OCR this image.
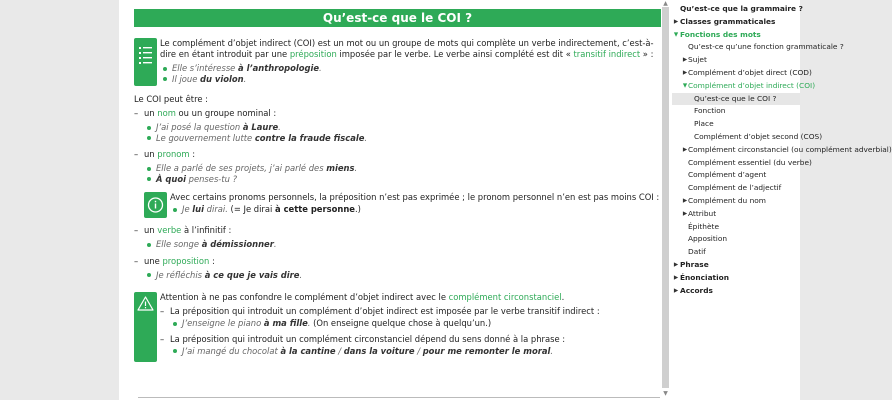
Qu’est-ce que le COI ?
Le complément d’objet indirect (COI) est un mot ou un groupe de mots qui complète un verbe indirectement, c’est-à-dire en étant introduit par une préposition imposée par le verbe. Le verbe ainsi complété est dit « transitif indirect » :
Elle s’intéresse à l’anthropologie.
Il joue du violon.
Le COI peut être :
– un nom ou un groupe nominal :
J’ai posé la question à Laure.
Le gouvernement lutte contre la fraude fiscale.
– un pronom :
Elle a parlé de ses projets, j’ai parlé des miens.
À quoi penses-tu ?
Avec certains pronoms personnels, la préposition n’est pas exprimée ; le pronom personnel n’en est pas moins COI :
Je lui dirai. (= Je dirai à cette personne.)
– un verbe à l’infinitif :
Elle songe à démissionner.
– une proposition :
Je réfléchis à ce que je vais dire.
Attention à ne pas confondre le complément d’objet indirect avec le complément circonstanciel.
– La préposition qui introduit un complément d’objet indirect est imposée par le verbe transitif indirect :
J’enseigne le piano à ma fille. (On enseigne quelque chose à quelqu’un.)
– La préposition qui introduit un complément circonstanciel dépend du sens donné à la phrase :
J’ai mangé du chocolat à la cantine / dans la voiture / pour me remonter le moral.
▲
▼
Qu’est-ce que la grammaire ?
▶ Classes grammaticales
▼ Fonctions des mots
Qu’est-ce qu’une fonction grammaticale ?
▶ Sujet
▶ Complément d’objet direct (COD)
▼ Complément d’objet indirect (COI)
Qu’est-ce que le COI ?
Fonction
Place
Complément d’objet second (COS)
▶ Complément circonstanciel (ou complément adverbial)
Complément essentiel (du verbe)
Complément d’agent
Complément de l’adjectif
▶ Complément du nom
▶ Attribut
Épithète
Apposition
Datif
▶ Phrase
▶ Énonciation
▶ Accords
